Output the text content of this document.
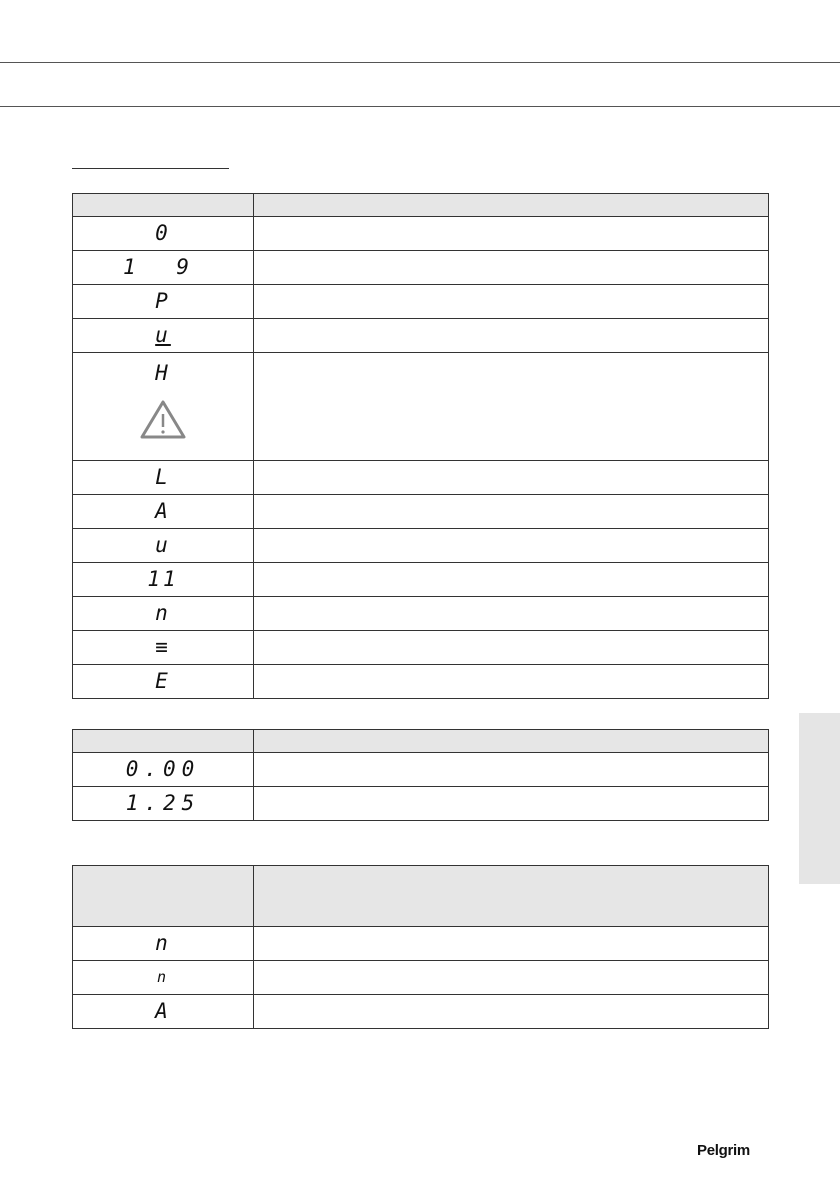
0	
1 9	
P	
u	
H

L	
A	
u	
11	
n	
≡	
E	

0.00	
1.25	

n	
n	
A	
Pelgrim
